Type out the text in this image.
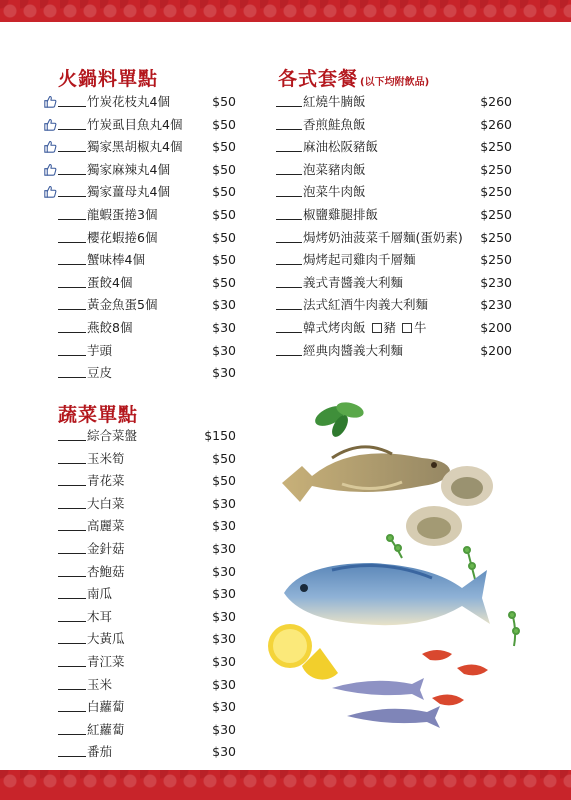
火鍋料單點
竹炭花枝丸4個	$50
竹炭虱目魚丸4個 $50
獨家黑胡椒丸4個 $50
獨家麻辣丸4個	$50
獨家薑母丸4個	$50
龍蝦蛋捲3個	$50
櫻花蝦捲6個	$50
蟹味棒4個	$50
蛋餃4個	$50
黃金魚蛋5個	$30
燕餃8個	$30
芋頭	$30
豆皮	$30
蔬菜單點
綜合菜盤	$150
玉米筍	$50
青花菜	$50
大白菜	$30
高麗菜	$30
金針菇	$30
杏鮑菇	$30
南瓜	$30
木耳	$30
大黃瓜	$30
青江菜	$30
玉米	$30
白蘿蔔	$30
紅蘿蔔	$30
番茄	$30
各式套餐 (以下均附飲品)
紅燒牛腩飯	$260
香煎鮭魚飯	$260
麻油松阪豬飯	$250
泡菜豬肉飯	$250
泡菜牛肉飯	$250
椒鹽雞腿排飯	$250
焗烤奶油菠菜千層麵(蛋奶素) $250
焗烤起司雞肉千層麵	$250
義式青醬義大利麵	$230
法式紅酒牛肉義大利麵	$230
韓式烤肉飯 豬 牛	$200
經典肉醬義大利麵	$200
